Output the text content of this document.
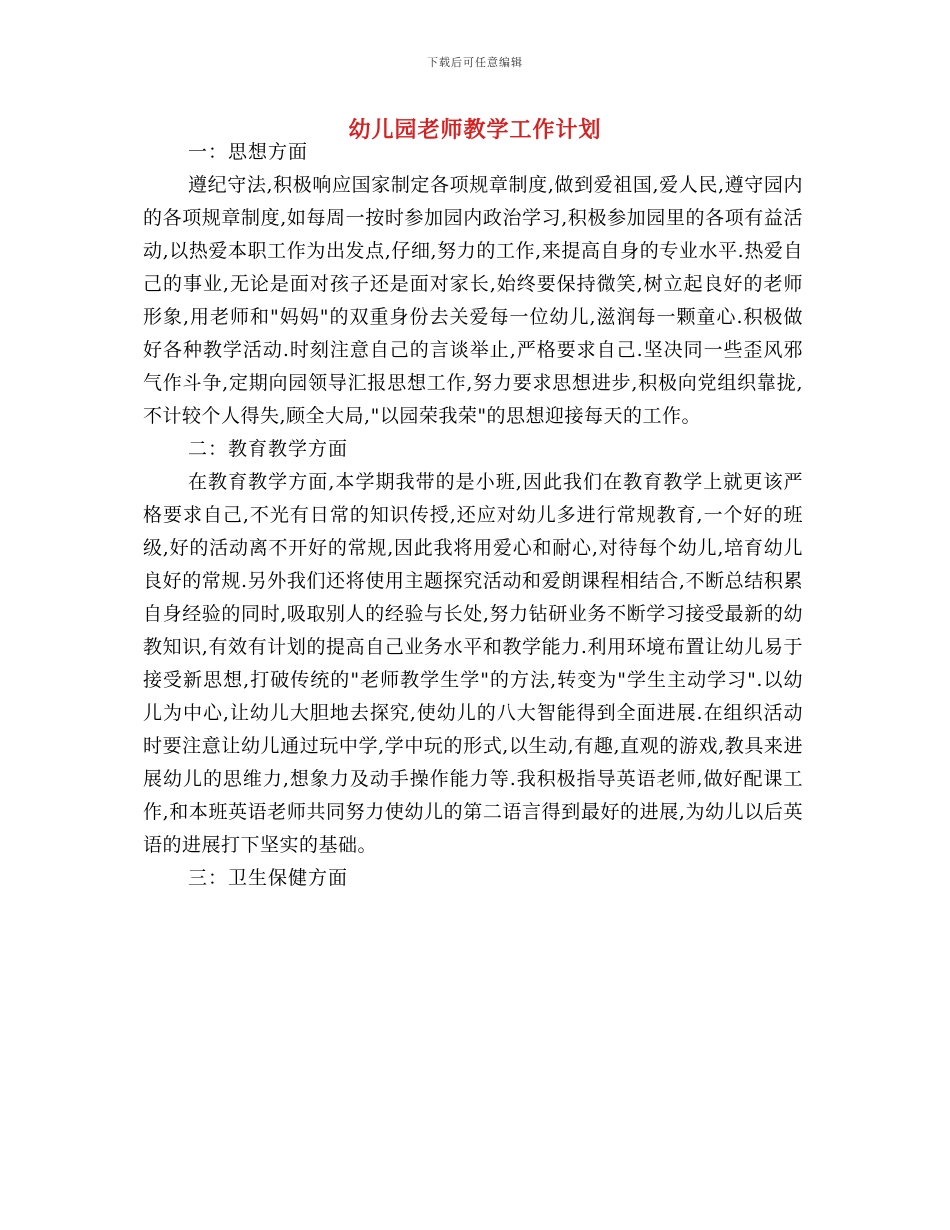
下载后可任意编辑
幼儿园老师教学工作计划
一：思想方面

遵纪守法,积极响应国家制定各项规章制度,做到爱祖国,爱人民,遵守园内的各项规章制度,如每周一按时参加园内政治学习,积极参加园里的各项有益活动,以热爱本职工作为出发点,仔细,努力的工作,来提高自身的专业水平.热爱自己的事业,无论是面对孩子还是面对家长,始终要保持微笑,树立起良好的老师形象,用老师和"妈妈"的双重身份去关爱每一位幼儿,滋润每一颗童心.积极做好各种教学活动.时刻注意自己的言谈举止,严格要求自己.坚决同一些歪风邪气作斗争,定期向园领导汇报思想工作,努力要求思想进步,积极向党组织靠拢,不计较个人得失,顾全大局,"以园荣我荣"的思想迎接每天的工作。

二：教育教学方面

在教育教学方面,本学期我带的是小班,因此我们在教育教学上就更该严格要求自己,不光有日常的知识传授,还应对幼儿多进行常规教育,一个好的班级,好的活动离不开好的常规,因此我将用爱心和耐心,对待每个幼儿,培育幼儿良好的常规.另外我们还将使用主题探究活动和爱朗课程相结合,不断总结积累自身经验的同时,吸取别人的经验与长处,努力钻研业务不断学习接受最新的幼教知识,有效有计划的提高自己业务水平和教学能力.利用环境布置让幼儿易于接受新思想,打破传统的"老师教学生学"的方法,转变为"学生主动学习".以幼儿为中心,让幼儿大胆地去探究,使幼儿的八大智能得到全面进展.在组织活动时要注意让幼儿通过玩中学,学中玩的形式,以生动,有趣,直观的游戏,教具来进展幼儿的思维力,想象力及动手操作能力等.我积极指导英语老师,做好配课工作,和本班英语老师共同努力使幼儿的第二语言得到最好的进展,为幼儿以后英语的进展打下坚实的基础。

三：卫生保健方面
